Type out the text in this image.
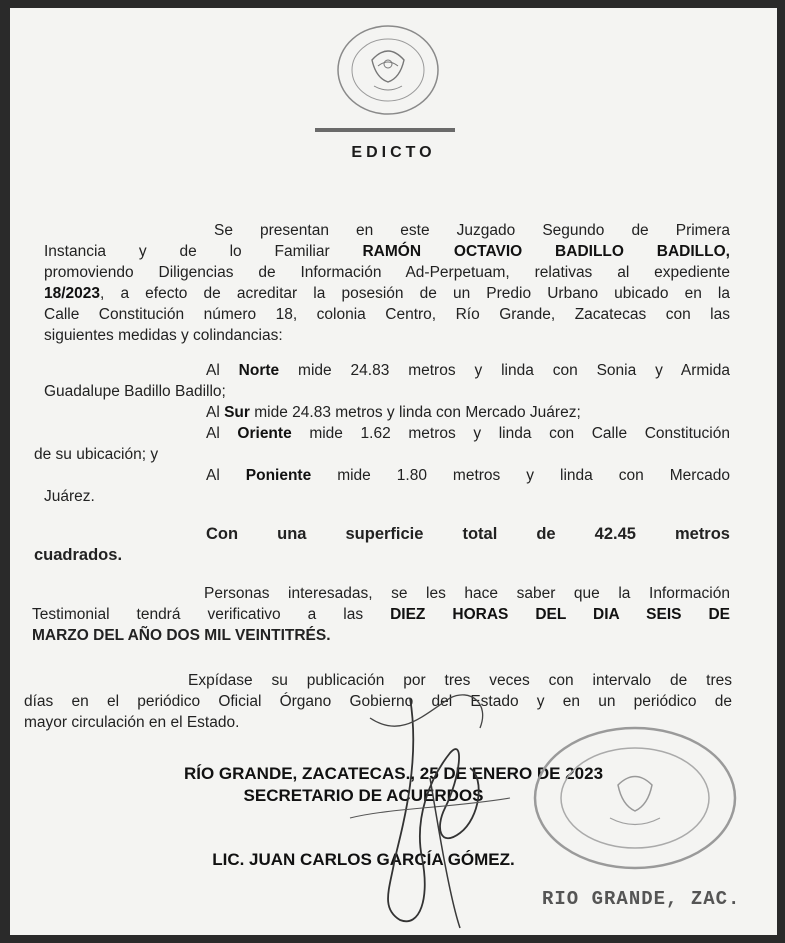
EDICTO
Se presentan en este Juzgado Segundo de Primera
Instancia y de lo Familiar RAMÓN OCTAVIO BADILLO BADILLO,
promoviendo Diligencias de Información Ad-Perpetuam, relativas al expediente
18/2023, a efecto de acreditar la posesión de un Predio Urbano ubicado en la
Calle Constitución número 18, colonia Centro, Río Grande, Zacatecas con las
siguientes medidas y colindancias:
Al Norte mide 24.83 metros y linda con Sonia y Armida
Guadalupe Badillo Badillo;
Al Sur mide 24.83 metros y linda con Mercado Juárez;
Al Oriente mide 1.62 metros y linda con Calle Constitución
de su ubicación; y
Al Poniente mide 1.80 metros y linda con Mercado
Juárez.
Con una superficie total de 42.45 metros
cuadrados.
Personas interesadas, se les hace saber que la Información
Testimonial tendrá verificativo a las DIEZ HORAS DEL DIA SEIS DE
MARZO DEL AÑO DOS MIL VEINTITRÉS.
Expídase su publicación por tres veces con intervalo de tres
días en el periódico Oficial Órgano Gobierno del Estado y en un periódico de
mayor circulación en el Estado.
RÍO GRANDE, ZACATECAS., 25 DE ENERO DE 2023
SECRETARIO DE ACUERDOS
LIC. JUAN CARLOS GARCÍA GÓMEZ.
RIO GRANDE, ZAC.
